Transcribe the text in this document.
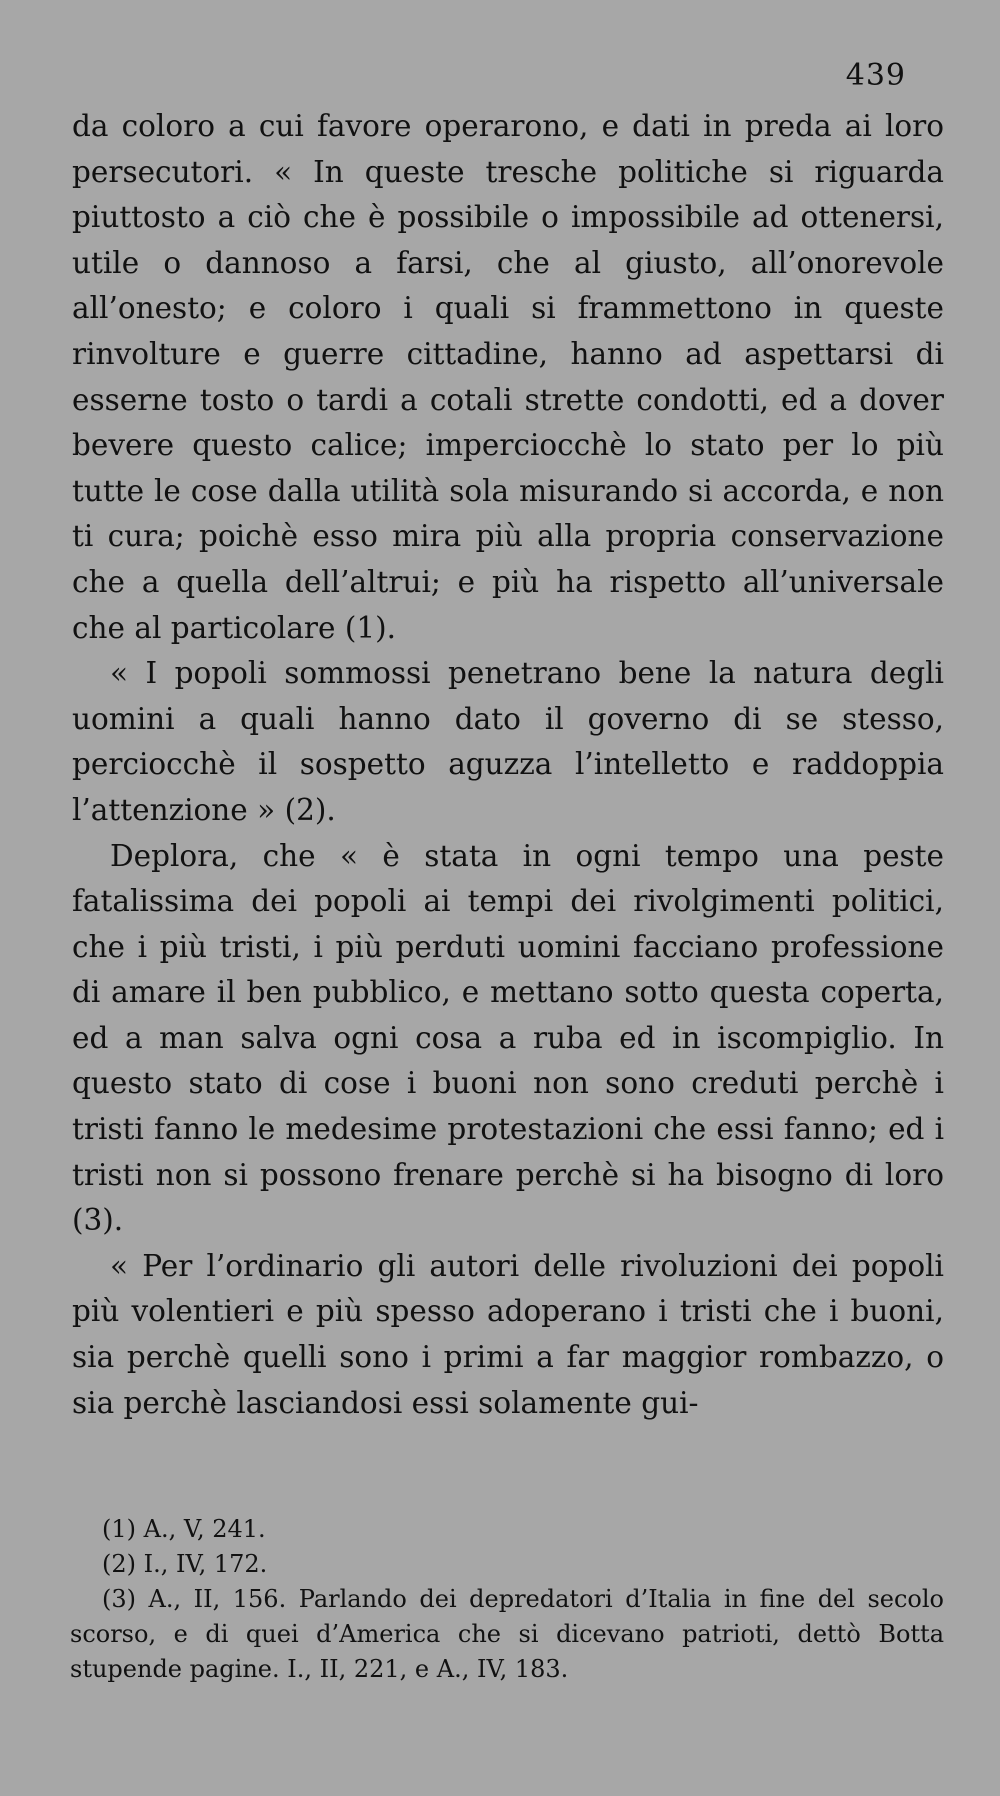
439

da coloro a cui favore operarono, e dati in preda ai loro persecutori. « In queste tresche politiche si riguarda piuttosto a ciò che è possibile o impossibile ad ottenersi, utile o dannoso a farsi, che al giusto, all’onorevole all’onesto; e coloro i quali si frammettono in queste rinvolture e guerre cittadine, hanno ad aspettarsi di esserne tosto o tardi a cotali strette condotti, ed a dover bevere questo calice; imperciocchè lo stato per lo più tutte le cose dalla utilità sola misurando si accorda, e non ti cura; poichè esso mira più alla propria conservazione che a quella dell’altrui; e più ha rispetto all’universale che al particolare (1).

« I popoli sommossi penetrano bene la natura degli uomini a quali hanno dato il governo di se stesso, perciocchè il sospetto aguzza l’intelletto e raddoppia l’attenzione » (2).

Deplora, che « è stata in ogni tempo una peste fatalissima dei popoli ai tempi dei rivolgimenti politici, che i più tristi, i più perduti uomini facciano professione di amare il ben pubblico, e mettano sotto questa coperta, ed a man salva ogni cosa a ruba ed in iscompiglio. In questo stato di cose i buoni non sono creduti perchè i tristi fanno le medesime protestazioni che essi fanno; ed i tristi non si possono frenare perchè si ha bisogno di loro (3).

« Per l’ordinario gli autori delle rivoluzioni dei popoli più volentieri e più spesso adoperano i tristi che i buoni, sia perchè quelli sono i primi a far maggior rombazzo, o sia perchè lasciandosi essi solamente gui-

(1) A., V, 241.

(2) I., IV, 172.

(3) A., II, 156. Parlando dei depredatori d’Italia in fine del secolo scorso, e di quei d’America che si dicevano patrioti, dettò Botta stupende pagine. I., II, 221, e A., IV, 183.
